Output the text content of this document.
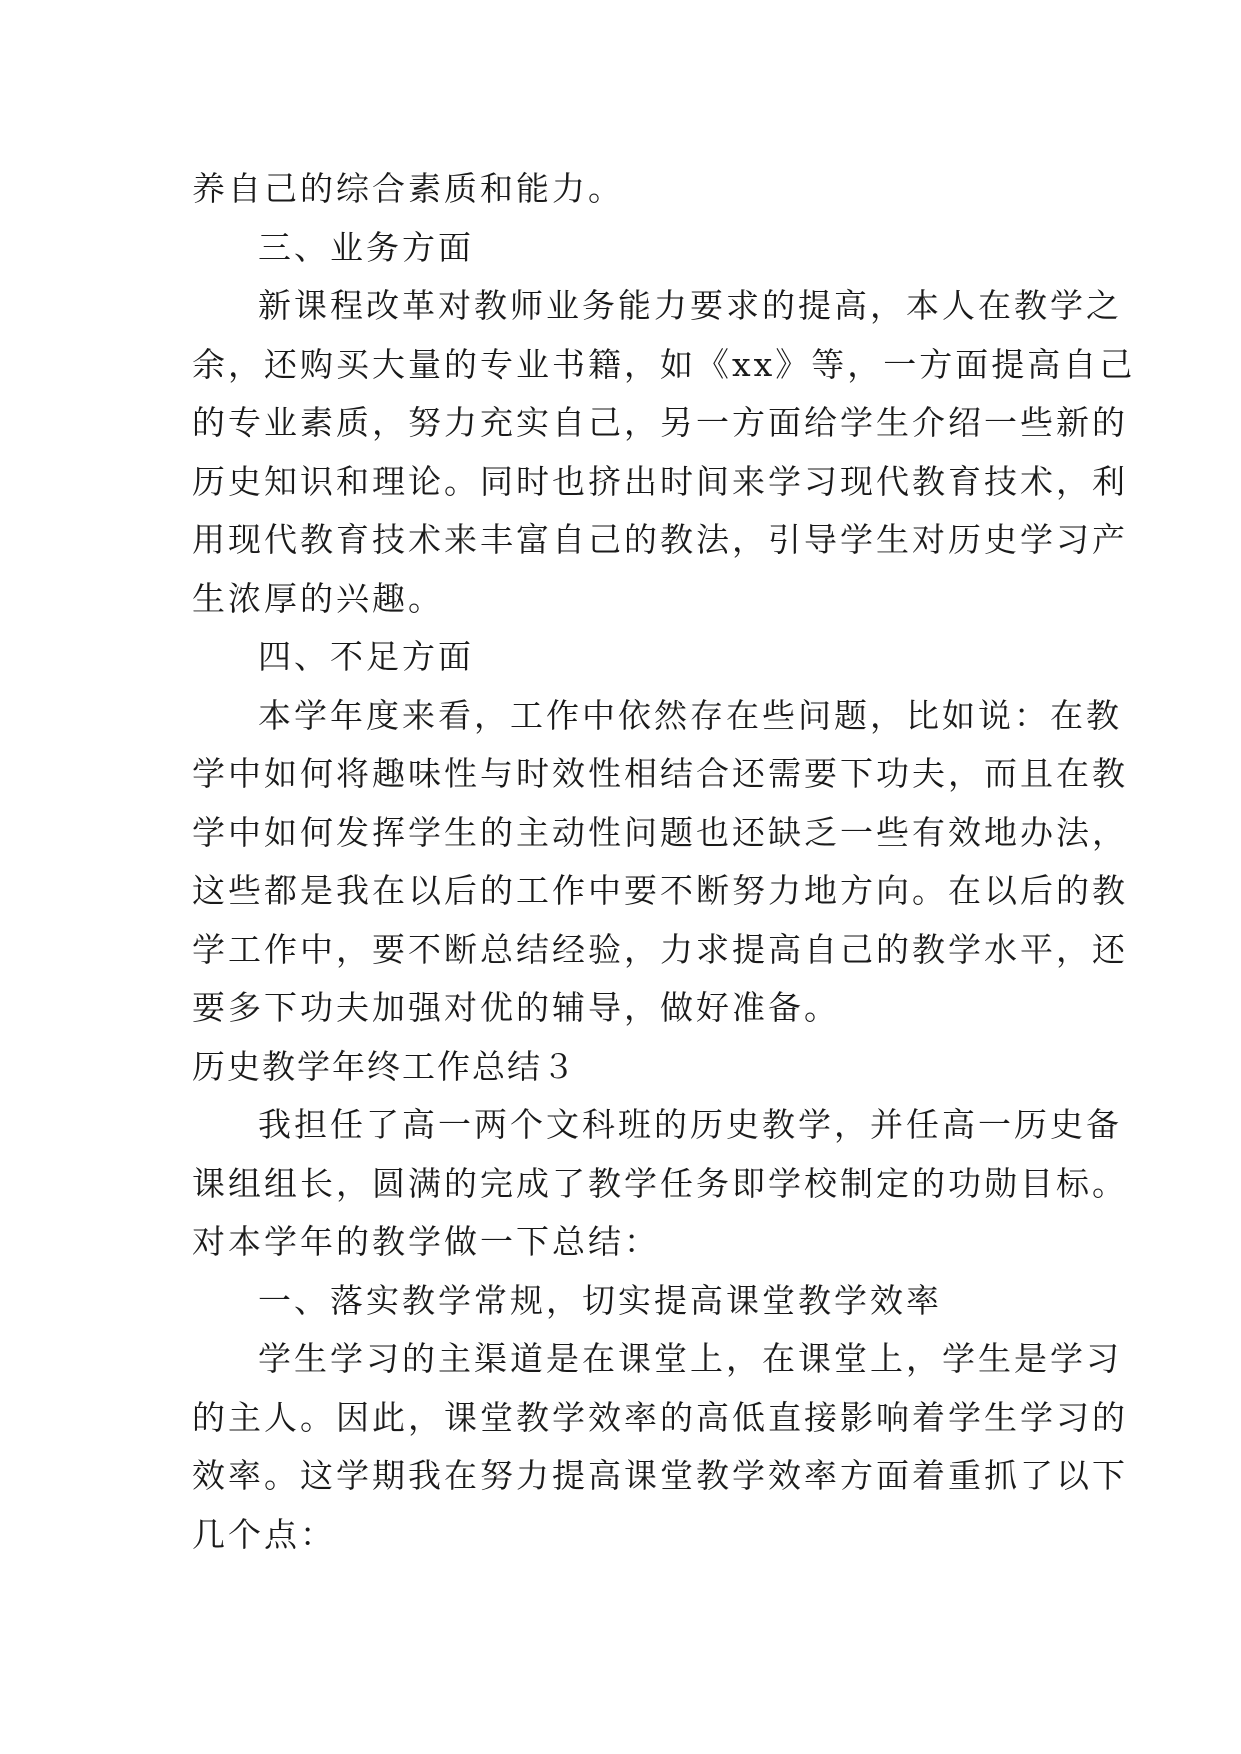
养自己的综合素质和能力。
三、业务方面
新课程改革对教师业务能力要求的提高，本人在教学之
余，还购买大量的专业书籍，如《xx》等，一方面提高自己
的专业素质，努力充实自己，另一方面给学生介绍一些新的
历史知识和理论。同时也挤出时间来学习现代教育技术，利
用现代教育技术来丰富自己的教法，引导学生对历史学习产
生浓厚的兴趣。
四、不足方面
本学年度来看，工作中依然存在些问题，比如说：在教
学中如何将趣味性与时效性相结合还需要下功夫，而且在教
学中如何发挥学生的主动性问题也还缺乏一些有效地办法，
这些都是我在以后的工作中要不断努力地方向。在以后的教
学工作中，要不断总结经验，力求提高自己的教学水平，还
要多下功夫加强对优的辅导，做好准备。
历史教学年终工作总结３
我担任了高一两个文科班的历史教学，并任高一历史备
课组组长，圆满的完成了教学任务即学校制定的功勋目标。
对本学年的教学做一下总结：
一、落实教学常规，切实提高课堂教学效率
学生学习的主渠道是在课堂上，在课堂上，学生是学习
的主人。因此，课堂教学效率的高低直接影响着学生学习的
效率。这学期我在努力提高课堂教学效率方面着重抓了以下
几个点：
